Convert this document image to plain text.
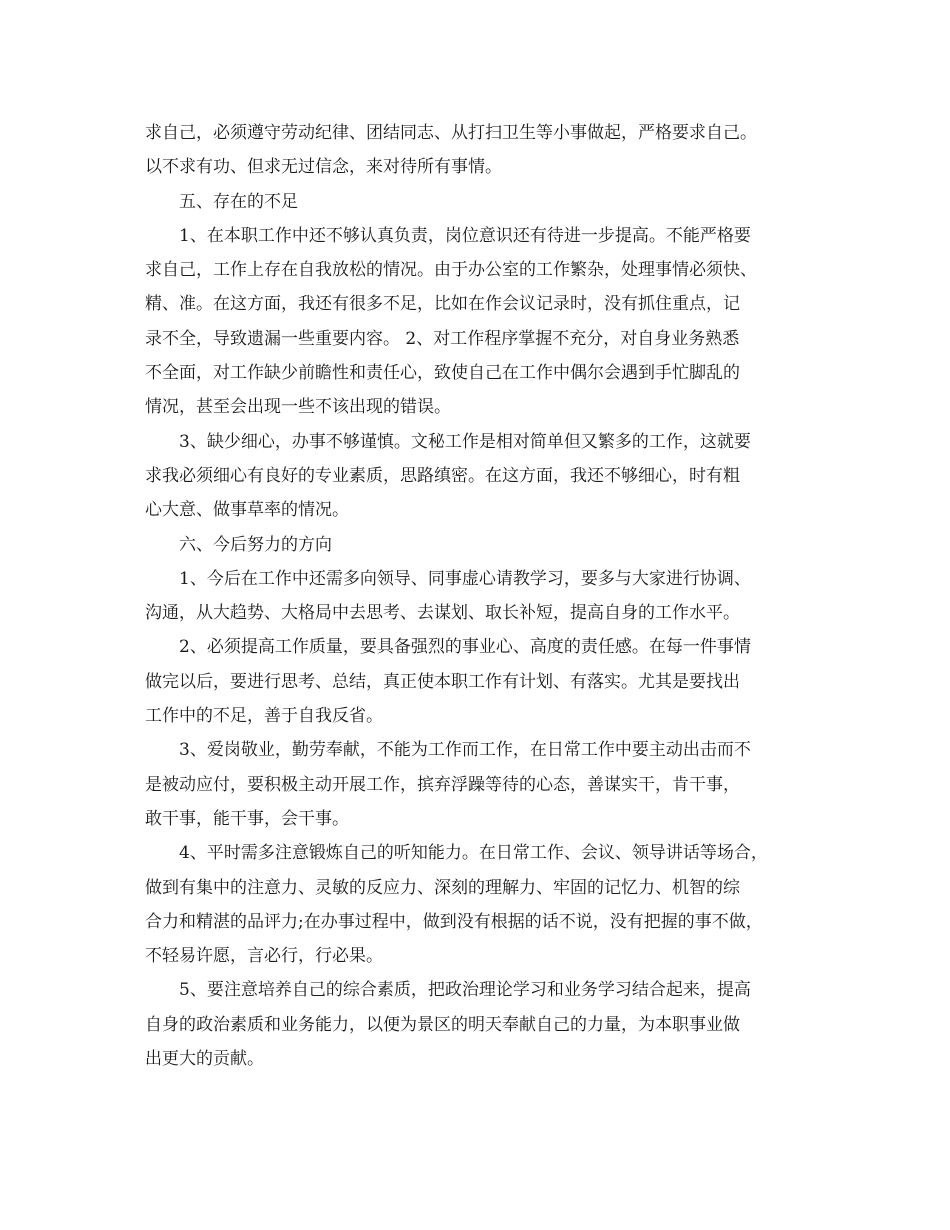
求自己，必须遵守劳动纪律、团结同志、从打扫卫生等小事做起，严格要求自己。
以不求有功、但求无过信念，来对待所有事情。
五、存在的不足
1、在本职工作中还不够认真负责，岗位意识还有待进一步提高。不能严格要
求自己，工作上存在自我放松的情况。由于办公室的工作繁杂，处理事情必须快、
精、准。在这方面，我还有很多不足，比如在作会议记录时，没有抓住重点，记
录不全，导致遗漏一些重要内容。 2、对工作程序掌握不充分，对自身业务熟悉
不全面，对工作缺少前瞻性和责任心，致使自己在工作中偶尔会遇到手忙脚乱的
情况，甚至会出现一些不该出现的错误。
3、缺少细心，办事不够谨慎。文秘工作是相对简单但又繁多的工作，这就要
求我必须细心有良好的专业素质，思路缜密。在这方面，我还不够细心，时有粗
心大意、做事草率的情况。
六、今后努力的方向
1、今后在工作中还需多向领导、同事虚心请教学习，要多与大家进行协调、
沟通，从大趋势、大格局中去思考、去谋划、取长补短，提高自身的工作水平。
2、必须提高工作质量，要具备强烈的事业心、高度的责任感。在每一件事情
做完以后，要进行思考、总结，真正使本职工作有计划、有落实。尤其是要找出
工作中的不足，善于自我反省。
3、爱岗敬业，勤劳奉献，不能为工作而工作，在日常工作中要主动出击而不
是被动应付，要积极主动开展工作，摈弃浮躁等待的心态，善谋实干，肯干事，
敢干事，能干事，会干事。
4、平时需多注意锻炼自己的听知能力。在日常工作、会议、领导讲话等场合，
做到有集中的注意力、灵敏的反应力、深刻的理解力、牢固的记忆力、机智的综
合力和精湛的品评力;在办事过程中，做到没有根据的话不说，没有把握的事不做，
不轻易许愿，言必行，行必果。
5、要注意培养自己的综合素质，把政治理论学习和业务学习结合起来，提高
自身的政治素质和业务能力，以便为景区的明天奉献自己的力量，为本职事业做
出更大的贡献。
